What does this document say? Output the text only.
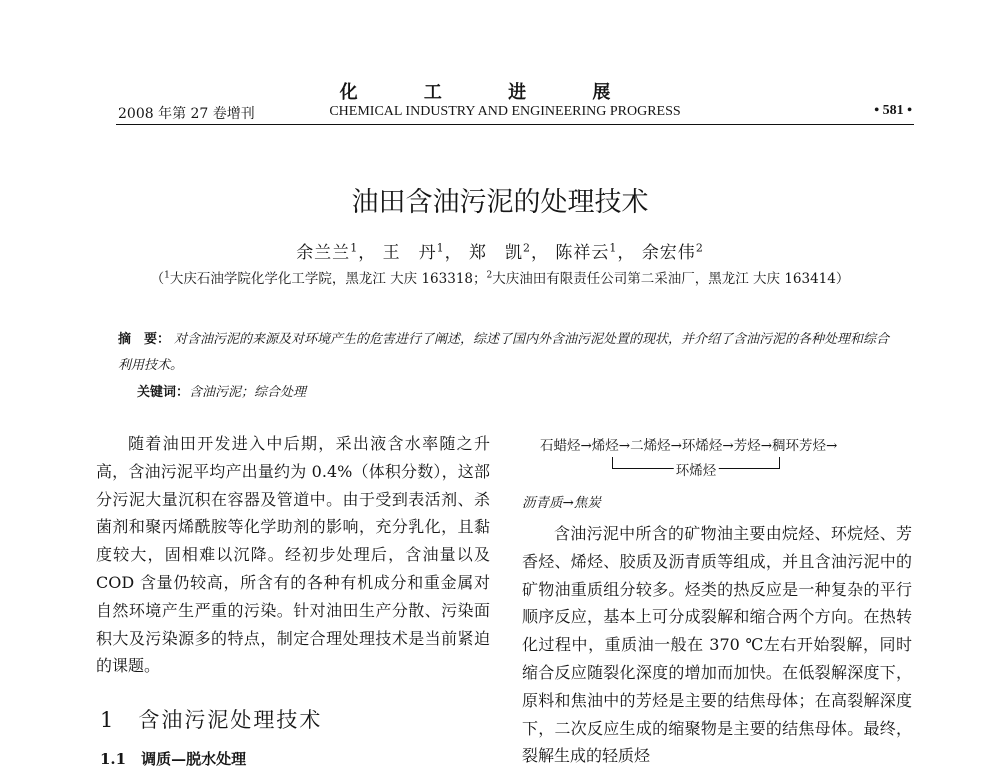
化 工 进 展
2008 年第 27 卷增刊	CHEMICAL INDUSTRY AND ENGINEERING PROGRESS	• 581 •
油田含油污泥的处理技术
余兰兰$^1$， 王　丹$^1$， 郑　凯$^2$， 陈祥云$^1$， 余宏伟$^2$
（$^1$大庆石油学院化学化工学院，黑龙江 大庆 163318；$^2$大庆油田有限责任公司第二采油厂，黑龙江 大庆 163414）
摘　要： 对含油污泥的来源及对环境产生的危害进行了阐述，综述了国内外含油污泥处置的现状，并介绍了含油污泥的各种处理和综合利用技术。
关键词：含油污泥；综合处理

随着油田开发进入中后期，采出液含水率随之升高，含油污泥平均产出量约为 0.4%（体积分数），这部分污泥大量沉积在容器及管道中。由于受到表活剂、杀菌剂和聚丙烯酰胺等化学助剂的影响，充分乳化，且黏度较大，固相难以沉降。经初步处理后，含油量以及 COD 含量仍较高，所含有的各种有机成分和重金属对自然环境产生严重的污染。针对油田生产分散、污染面积大及污染源多的特点，制定合理处理技术是当前紧迫的课题。

1　含油污泥处理技术
1.1　调质—脱水处理
石蜡烃→烯烃→二烯烃→环烯烃→芳烃→稠环芳烃→
环烯烃
沥青质→焦炭

含油污泥中所含的矿物油主要由烷烃、环烷烃、芳香烃、烯烃、胶质及沥青质等组成，并且含油污泥中的矿物油重质组分较多。烃类的热反应是一种复杂的平行顺序反应，基本上可分成裂解和缩合两个方向。在热转化过程中，重质油一般在 370 ℃左右开始裂解，同时缩合反应随裂化深度的增加而加快。在低裂解深度下，原料和焦油中的芳烃是主要的结焦母体；在高裂解深度下，二次反应生成的缩聚物是主要的结焦母体。最终，裂解生成的轻质烃
